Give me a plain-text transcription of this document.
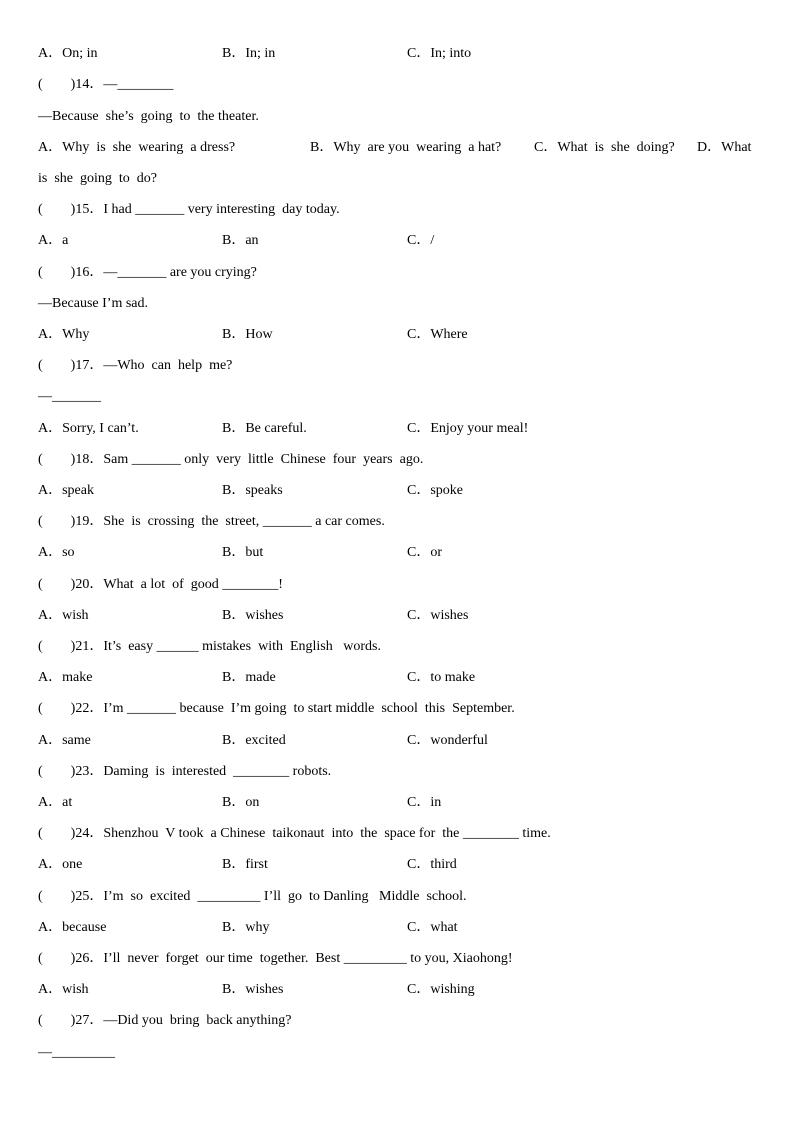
A．On; in	B．In; in	C．In; into
(　　)14．—________
—Because  she’s  going  to  the theater.
A．Why  is  she  wearing  a dress?	B．Why  are you  wearing  a hat? C．What  is  she  doing? D．What
is  she  going  to  do?
(　　)15．I had _______ very interesting  day today.
A．a	B．an	C．/
(　　)16．—_______ are you crying?
—Because I’m sad.
A．Why	B．How	C．Where
(　　)17．—Who  can  help  me?
—_______
A．Sorry, I can’t.	B．Be careful.	C．Enjoy your meal!
(　　)18．Sam _______ only  very  little  Chinese  four  years  ago.
A．speak	B．speaks	C．spoke
(　　)19．She  is  crossing  the  street, _______ a car comes.
A．so	B．but	C．or
(　　)20．What  a lot  of  good ________!
A．wish	B．wishes	C．wishes
(　　)21．It’s  easy ______ mistakes  with  English   words.
A．make	B．made	C．to make
(　　)22．I’m _______ because  I’m going  to start middle  school  this  September.
A．same	B．excited	C．wonderful
(　　)23．Daming  is  interested  ________ robots.
A．at	B．on	C．in
(　　)24．Shenzhou  V took  a Chinese  taikonaut  into  the  space for  the ________ time.
A．one	B．first	C．third
(　　)25．I’m  so  excited  _________ I’ll  go  to Danling   Middle  school.
A．because	B．why	C．what
(　　)26．I’ll  never  forget  our time  together.  Best _________ to you, Xiaohong!
A．wish	B．wishes	C．wishing
(　　)27．—Did you  bring  back anything?
—_________
